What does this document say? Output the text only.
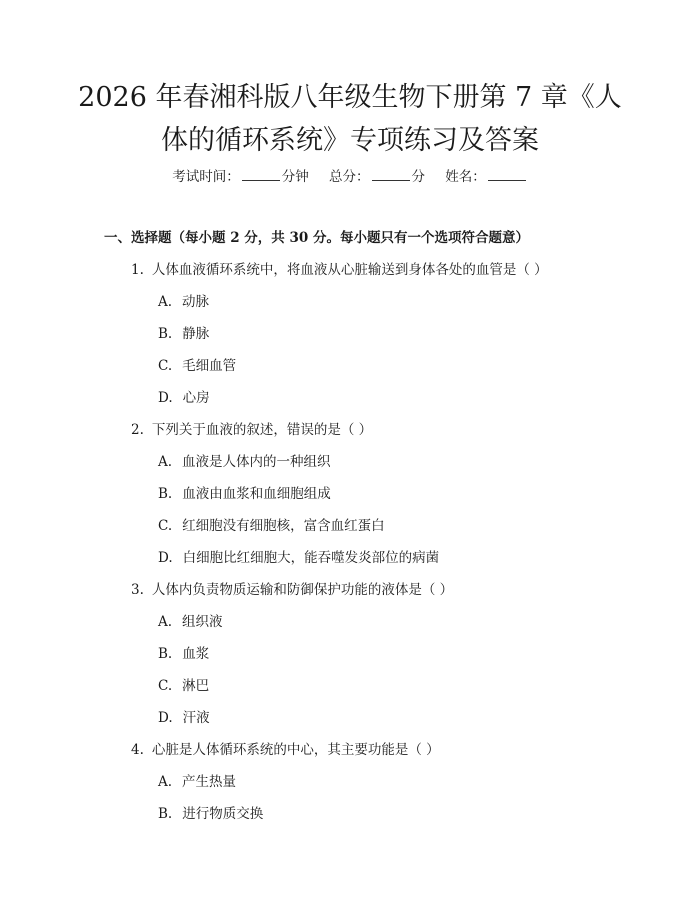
2026 年春湘科版八年级生物下册第 7 章《人
体的循环系统》专项练习及答案
考试时间：	分钟 总分：	分 姓名：
一、选择题（每小题 2 分，共 30 分。每小题只有一个选项符合题意）
1. 人体血液循环系统中，将血液从心脏输送到身体各处的血管是（ ）
A. 动脉
B. 静脉
C. 毛细血管
D. 心房
2. 下列关于血液的叙述，错误的是（ ）
A. 血液是人体内的一种组织
B. 血液由血浆和血细胞组成
C. 红细胞没有细胞核，富含血红蛋白
D. 白细胞比红细胞大，能吞噬发炎部位的病菌
3. 人体内负责物质运输和防御保护功能的液体是（ ）
A. 组织液
B. 血浆
C. 淋巴
D. 汗液
4. 心脏是人体循环系统的中心，其主要功能是（ ）
A. 产生热量
B. 进行物质交换
